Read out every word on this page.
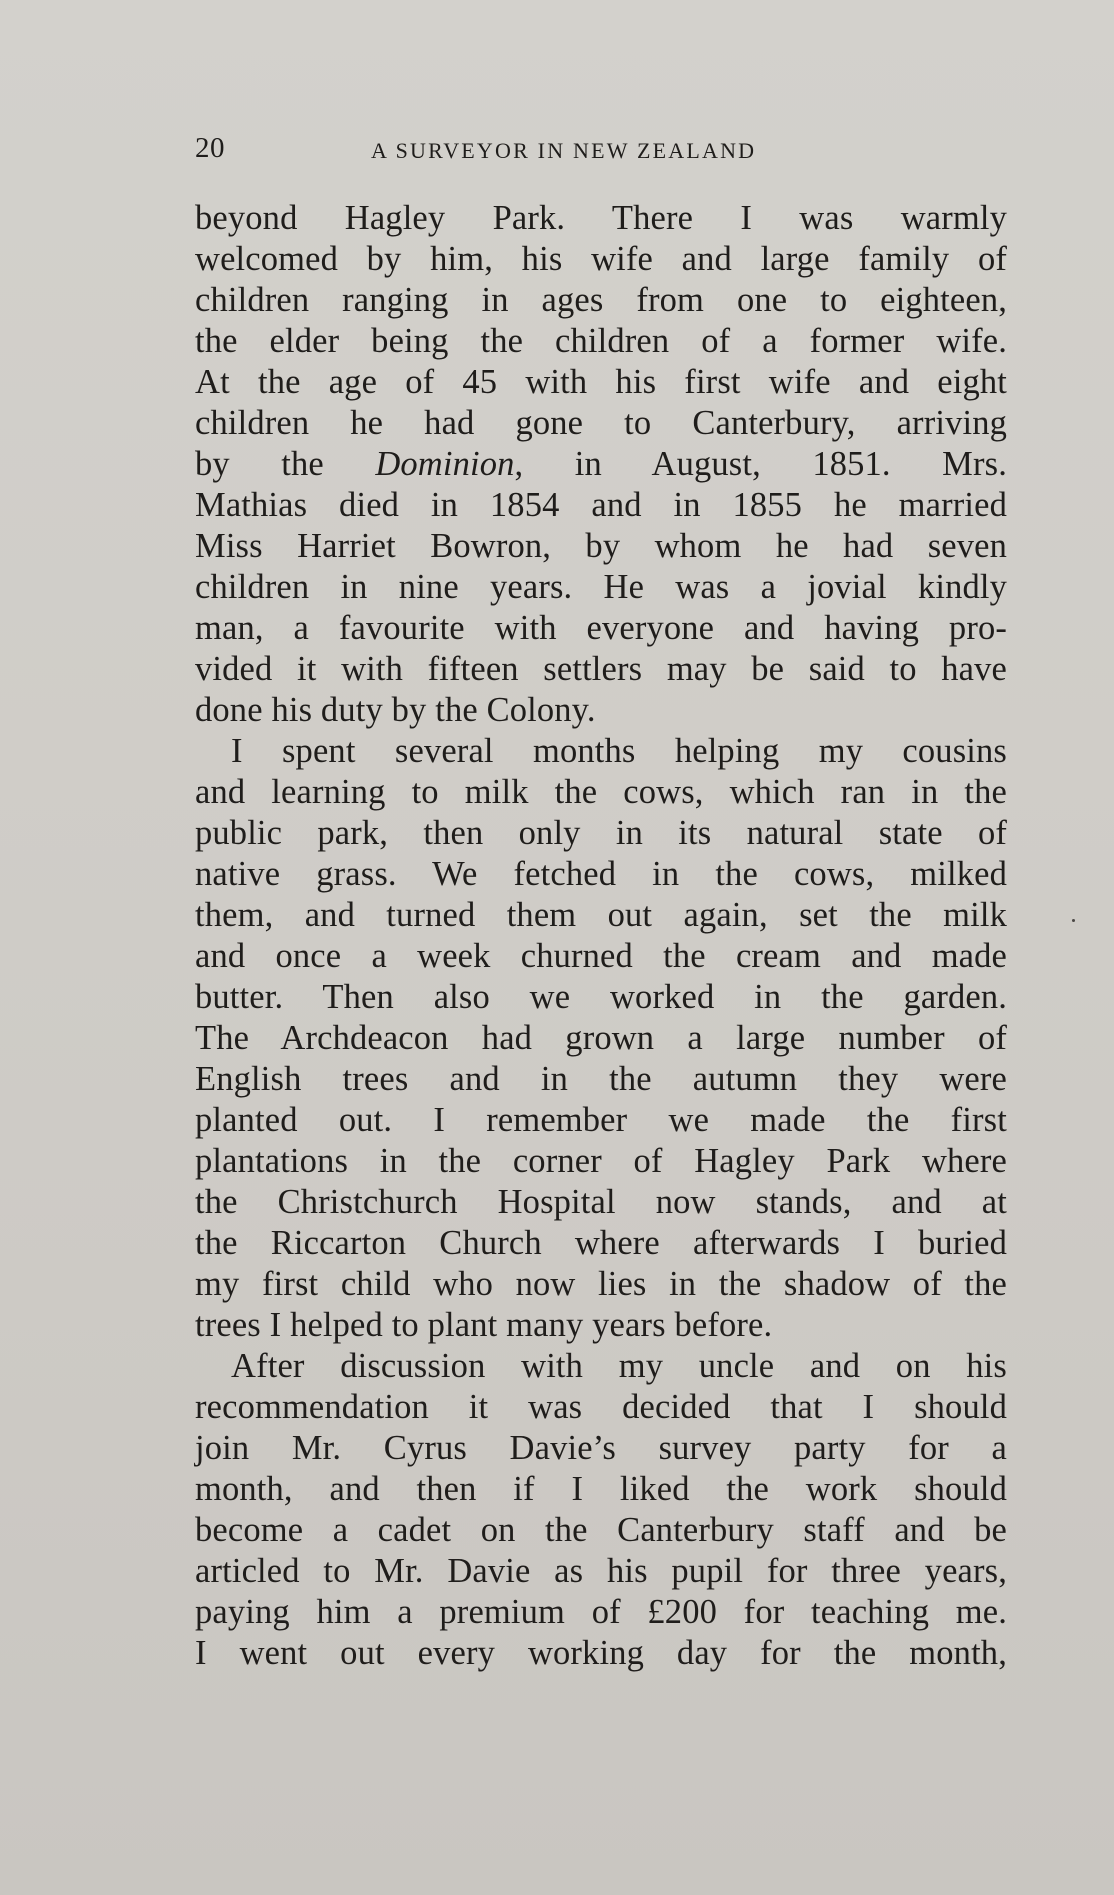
20	A SURVEYOR IN NEW ZEALAND
beyond Hagley Park. There I was warmly
welcomed by him, his wife and large family of
children ranging in ages from one to eighteen,
the elder being the children of a former wife.
At the age of 45 with his first wife and eight
children he had gone to Canterbury, arriving
by the Dominion, in August, 1851. Mrs.
Mathias died in 1854 and in 1855 he married
Miss Harriet Bowron, by whom he had seven
children in nine years. He was a jovial kindly
man, a favourite with everyone and having pro-
vided it with fifteen settlers may be said to have
done his duty by the Colony.
I spent several months helping my cousins
and learning to milk the cows, which ran in the
public park, then only in its natural state of
native grass. We fetched in the cows, milked
them, and turned them out again, set the milk
and once a week churned the cream and made
butter. Then also we worked in the garden.
The Archdeacon had grown a large number of
English trees and in the autumn they were
planted out. I remember we made the first
plantations in the corner of Hagley Park where
the Christchurch Hospital now stands, and at
the Riccarton Church where afterwards I buried
my first child who now lies in the shadow of the
trees I helped to plant many years before.
After discussion with my uncle and on his
recommendation it was decided that I should
join Mr. Cyrus Davie’s survey party for a
month, and then if I liked the work should
become a cadet on the Canterbury staff and be
articled to Mr. Davie as his pupil for three years,
paying him a premium of £200 for teaching me.
I went out every working day for the month,
